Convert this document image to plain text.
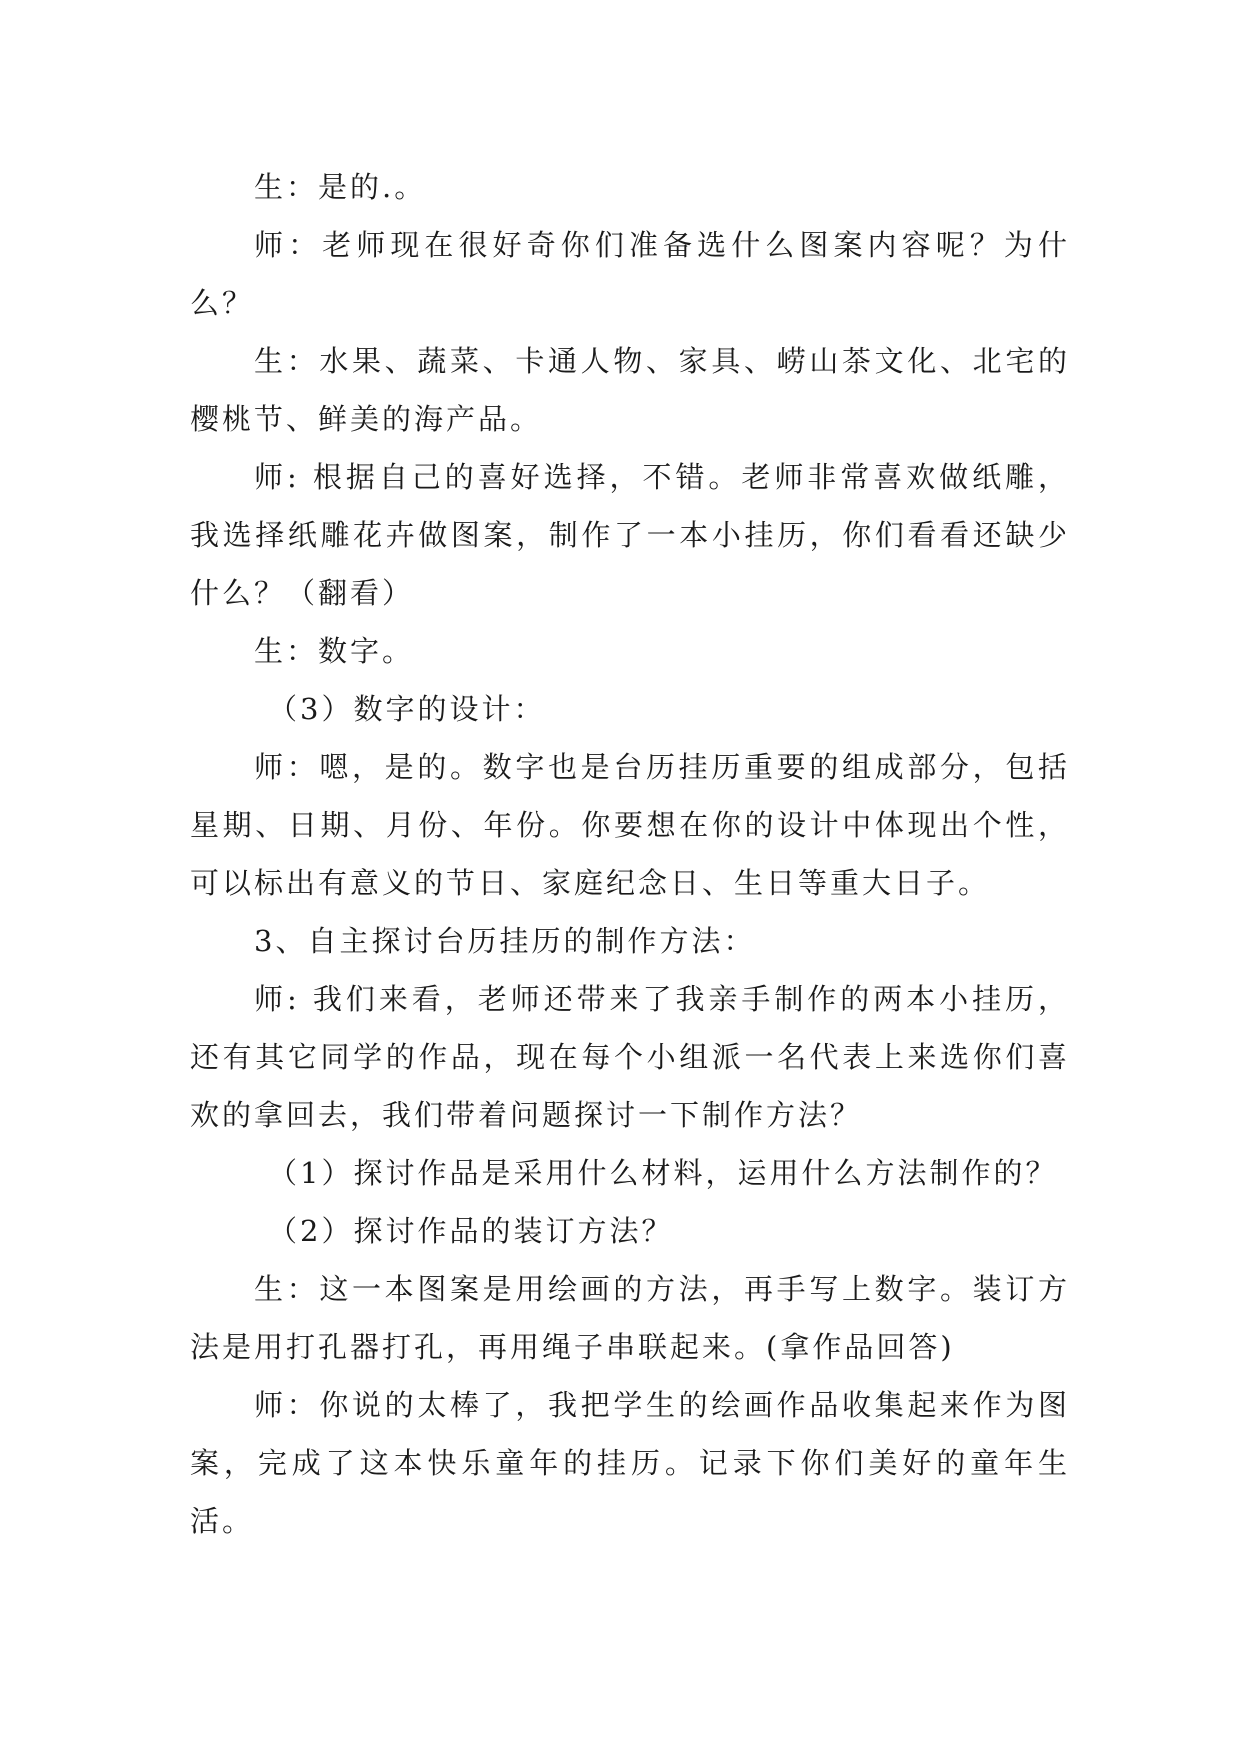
生：是的.。

师：老师现在很好奇你们准备选什么图案内容呢？为什么？

生：水果、蔬菜、卡通人物、家具、崂山茶文化、北宅的樱桃节、鲜美的海产品。

师: 根据自己的喜好选择，不错。老师非常喜欢做纸雕，我选择纸雕花卉做图案，制作了一本小挂历，你们看看还缺少什么？（翻看）

生：数字。

（3）数字的设计：

师：嗯，是的。数字也是台历挂历重要的组成部分，包括星期、日期、月份、年份。你要想在你的设计中体现出个性，可以标出有意义的节日、家庭纪念日、生日等重大日子。

3、自主探讨台历挂历的制作方法：

师: 我们来看，老师还带来了我亲手制作的两本小挂历，还有其它同学的作品，现在每个小组派一名代表上来选你们喜欢的拿回去，我们带着问题探讨一下制作方法？

（1）探讨作品是采用什么材料，运用什么方法制作的？

（2）探讨作品的装订方法？

生：这一本图案是用绘画的方法，再手写上数字。装订方法是用打孔器打孔，再用绳子串联起来。(拿作品回答)

师：你说的太棒了，我把学生的绘画作品收集起来作为图案，完成了这本快乐童年的挂历。记录下你们美好的童年生活。
